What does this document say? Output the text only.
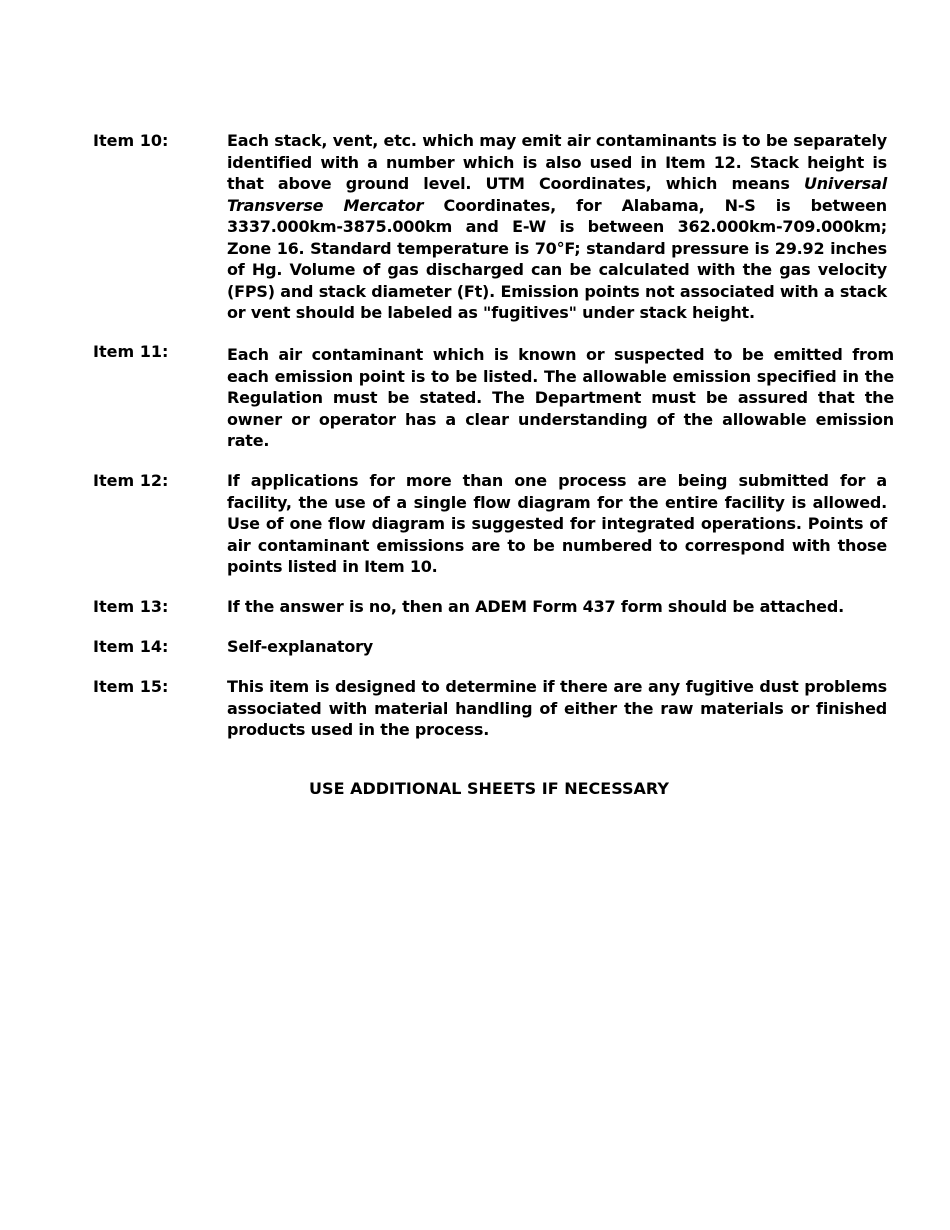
Item 10:	Each stack, vent, etc. which may emit air contaminants is to be separately identified with a number which is also used in Item 12. Stack height is that above ground level. UTM Coordinates, which means Universal Transverse Mercator Coordinates, for Alabama, N-S is between 3337.000km-3875.000km and E-W is between 362.000km-709.000km; Zone 16. Standard temperature is 70°F; standard pressure is 29.92 inches of Hg. Volume of gas discharged can be calculated with the gas velocity (FPS) and stack diameter (Ft). Emission points not associated with a stack or vent should be labeled as "fugitives" under stack height.
Item 11:	Each air contaminant which is known or suspected to be emitted from each emission point is to be listed. The allowable emission specified in the Regulation must be stated. The Department must be assured that the owner or operator has a clear understanding of the allowable emission rate.
Item 12:	If applications for more than one process are being submitted for a facility, the use of a single flow diagram for the entire facility is allowed. Use of one flow diagram is suggested for integrated operations. Points of air contaminant emissions are to be numbered to correspond with those points listed in Item 10.
Item 13:	If the answer is no, then an ADEM Form 437 form should be attached.
Item 14:	Self-explanatory
Item 15:	This item is designed to determine if there are any fugitive dust problems associated with material handling of either the raw materials or finished products used in the process.
USE ADDITIONAL SHEETS IF NECESSARY
